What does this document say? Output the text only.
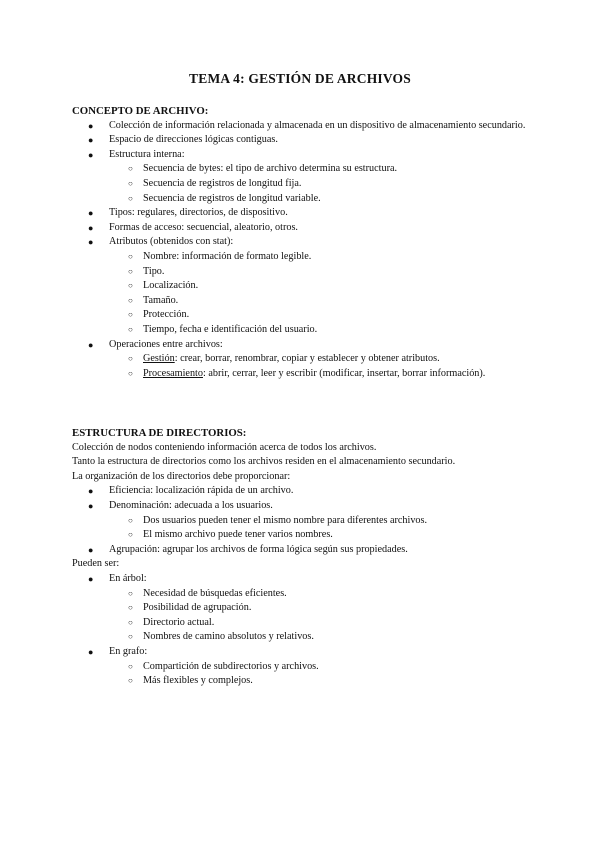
TEMA 4: GESTIÓN DE ARCHIVOS
CONCEPTO DE ARCHIVO:
● Colección de información relacionada y almacenada en un dispositivo de almacenamiento secundario.
● Espacio de direcciones lógicas contiguas.
● Estructura interna:
○ Secuencia de bytes: el tipo de archivo determina su estructura.
○ Secuencia de registros de longitud fija.
○ Secuencia de registros de longitud variable.
● Tipos: regulares, directorios, de dispositivo.
● Formas de acceso: secuencial, aleatorio, otros.
● Atributos (obtenidos con stat):
○ Nombre: información de formato legible.
○ Tipo.
○ Localización.
○ Tamaño.
○ Protección.
○ Tiempo, fecha e identificación del usuario.
● Operaciones entre archivos:
○ Gestión: crear, borrar, renombrar, copiar y establecer y obtener atributos.
○ Procesamiento: abrir, cerrar, leer y escribir (modificar, insertar, borrar información).
ESTRUCTURA DE DIRECTORIOS:

Colección de nodos conteniendo información acerca de todos los archivos.

Tanto la estructura de directorios como los archivos residen en el almacenamiento secundario.

La organización de los directorios debe proporcionar:

● Eficiencia: localización rápida de un archivo.
● Denominación: adecuada a los usuarios.
○ Dos usuarios pueden tener el mismo nombre para diferentes archivos.
○ El mismo archivo puede tener varios nombres.
● Agrupación: agrupar los archivos de forma lógica según sus propiedades.

Pueden ser:

● En árbol:
○ Necesidad de búsquedas eficientes.
○ Posibilidad de agrupación.
○ Directorio actual.
○ Nombres de camino absolutos y relativos.
● En grafo:
○ Compartición de subdirectorios y archivos.
○ Más flexibles y complejos.
